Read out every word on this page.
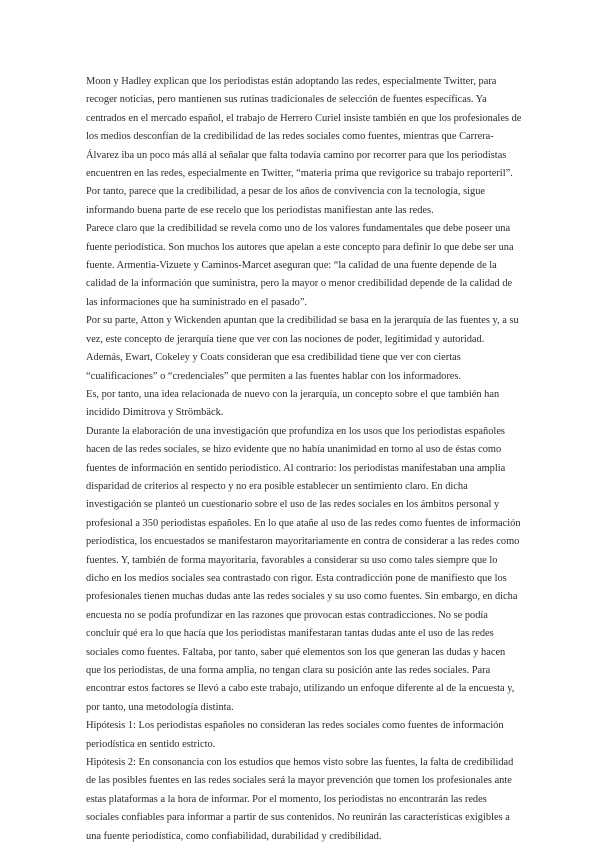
Moon y Hadley explican que los periodistas están adoptando las redes, especialmente Twitter, para recoger noticias, pero mantienen sus rutinas tradicionales de selección de fuentes específicas. Ya centrados en el mercado español, el trabajo de Herrero Curiel insiste también en que los profesionales de los medios desconfían de la credibilidad de las redes sociales como fuentes, mientras que Carrera-Álvarez iba un poco más allá al señalar que falta todavía camino por recorrer para que los periodistas encuentren en las redes, especialmente en Twitter, “materia prima que revigorice su trabajo reporteril”. Por tanto, parece que la credibilidad, a pesar de los años de convivencia con la tecnología, sigue informando buena parte de ese recelo que los periodistas manifiestan ante las redes.

Parece claro que la credibilidad se revela como uno de los valores fundamentales que debe poseer una fuente periodística. Son muchos los autores que apelan a este concepto para definir lo que debe ser una fuente. Armentia-Vizuete y Caminos-Marcet aseguran que: “la calidad de una fuente depende de la calidad de la información que suministra, pero la mayor o menor credibilidad depende de la calidad de las informaciones que ha suministrado en el pasado”.

Por su parte, Atton y Wickenden apuntan que la credibilidad se basa en la jerarquía de las fuentes y, a su vez, este concepto de jerarquía tiene que ver con las nociones de poder, legitimidad y autoridad. Además, Ewart, Cokeley y Coats consideran que esa credibilidad tiene que ver con ciertas “cualificaciones” o “credenciales” que permiten a las fuentes hablar con los informadores.

Es, por tanto, una idea relacionada de nuevo con la jerarquía, un concepto sobre el que también han incidido Dimitrova y Strömbäck.

Durante la elaboración de una investigación que profundiza en los usos que los periodistas españoles hacen de las redes sociales, se hizo evidente que no había unanimidad en torno al uso de éstas como fuentes de información en sentido periodístico. Al contrario: los periodistas manifestaban una amplia disparidad de criterios al respecto y no era posible establecer un sentimiento claro. En dicha investigación se planteó un cuestionario sobre el uso de las redes sociales en los ámbitos personal y profesional a 350 periodistas españoles. En lo que atañe al uso de las redes como fuentes de información periodística, los encuestados se manifestaron mayoritariamente en contra de considerar a las redes como fuentes. Y, también de forma mayoritaria, favorables a considerar su uso como tales siempre que lo dicho en los medios sociales sea contrastado con rigor. Esta contradicción pone de manifiesto que los profesionales tienen muchas dudas ante las redes sociales y su uso como fuentes. Sin embargo, en dicha encuesta no se podía profundizar en las razones que provocan estas contradicciones. No se podía concluir qué era lo que hacía que los periodistas manifestaran tantas dudas ante el uso de las redes sociales como fuentes. Faltaba, por tanto, saber qué elementos son los que generan las dudas y hacen que los periodistas, de una forma amplia, no tengan clara su posición ante las redes sociales. Para encontrar estos factores se llevó a cabo este trabajo, utilizando un enfoque diferente al de la encuesta y, por tanto, una metodología distinta.

Hipótesis 1: Los periodistas españoles no consideran las redes sociales como fuentes de información periodística en sentido estricto.

Hipótesis 2: En consonancia con los estudios que hemos visto sobre las fuentes, la falta de credibilidad de las posibles fuentes en las redes sociales será la mayor prevención que tomen los profesionales ante estas plataformas a la hora de informar. Por el momento, los periodistas no encontrarán las redes sociales confiables para informar a partir de sus contenidos. No reunirán las características exigibles a una fuente periodística, como confiabilidad, durabilidad y credibilidad.
